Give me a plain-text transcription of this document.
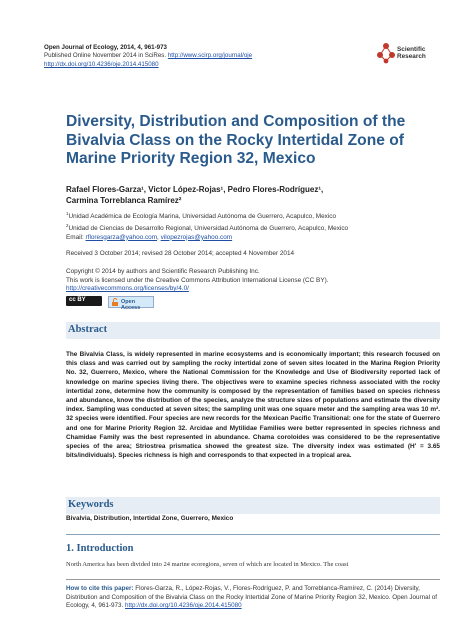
Open Journal of Ecology, 2014, 4, 961-973
Published Online November 2014 in SciRes. http://www.scirp.org/journal/oje
http://dx.doi.org/10.4236/oje.2014.415080
Scientific
Research
Diversity, Distribution and Composition of the Bivalvia Class on the Rocky Intertidal Zone of Marine Priority Region 32, Mexico
Rafael Flores-Garza¹, Victor López-Rojas¹, Pedro Flores-Rodríguez¹,
Carmina Torreblanca Ramírez²
$^1$Unidad Académica de Ecología Marina, Universidad Autónoma de Guerrero, Acapulco, Mexico
$^2$Unidad de Ciencias de Desarrollo Regional, Universidad Autónoma de Guerrero, Acapulco, Mexico
Email: rfloresgarza@yahoo.com, vilopezrojas@yahoo.com
Received 3 October 2014; revised 28 October 2014; accepted 4 November 2014
Copyright © 2014 by authors and Scientific Research Publishing Inc.
This work is licensed under the Creative Commons Attribution International License (CC BY).
http://creativecommons.org/licenses/by/4.0/
cc BY	Open Access
Abstract
The Bivalvia Class, is widely represented in marine ecosystems and is economically important; this research focused on this class and was carried out by sampling the rocky intertidal zone of seven sites located in the Marina Region Priority No. 32, Guerrero, Mexico, where the National Commission for the Knowledge and Use of Biodiversity reported lack of knowledge on marine species living there. The objectives were to examine species richness associated with the rocky intertidal zone, determine how the community is composed by the representation of families based on species richness and abundance, know the distribution of the species, analyze the structure sizes of populations and estimate the diversity index. Sampling was conducted at seven sites; the sampling unit was one square meter and the sampling area was 10 m². 32 species were identified. Four species are new records for the Mexican Pacific Transitional: one for the state of Guerrero and one for Marine Priority Region 32. Arcidae and Mytilidae Families were better represented in species richness and Chamidae Family was the best represented in abundance. Chama coroloides was considered to be the representative species of the area; Striostrea prismatica showed the greatest size. The diversity index was estimated (H′ = 3.65 bits/individuals). Species richness is high and corresponds to that expected in a tropical area.
Keywords
Bivalvia, Distribution, Intertidal Zone, Guerrero, Mexico
1. Introduction
North America has been divided into 24 marine ecoregions, seven of which are located in Mexico. The coast
How to cite this paper: Flores-Garza, R., López-Rojas, V., Flores-Rodríguez, P. and Torreblanca-Ramírez, C. (2014) Diversity, Distribution and Composition of the Bivalvia Class on the Rocky Intertidal Zone of Marine Priority Region 32, Mexico. Open Journal of Ecology, 4, 961-973. http://dx.doi.org/10.4236/oje.2014.415080
